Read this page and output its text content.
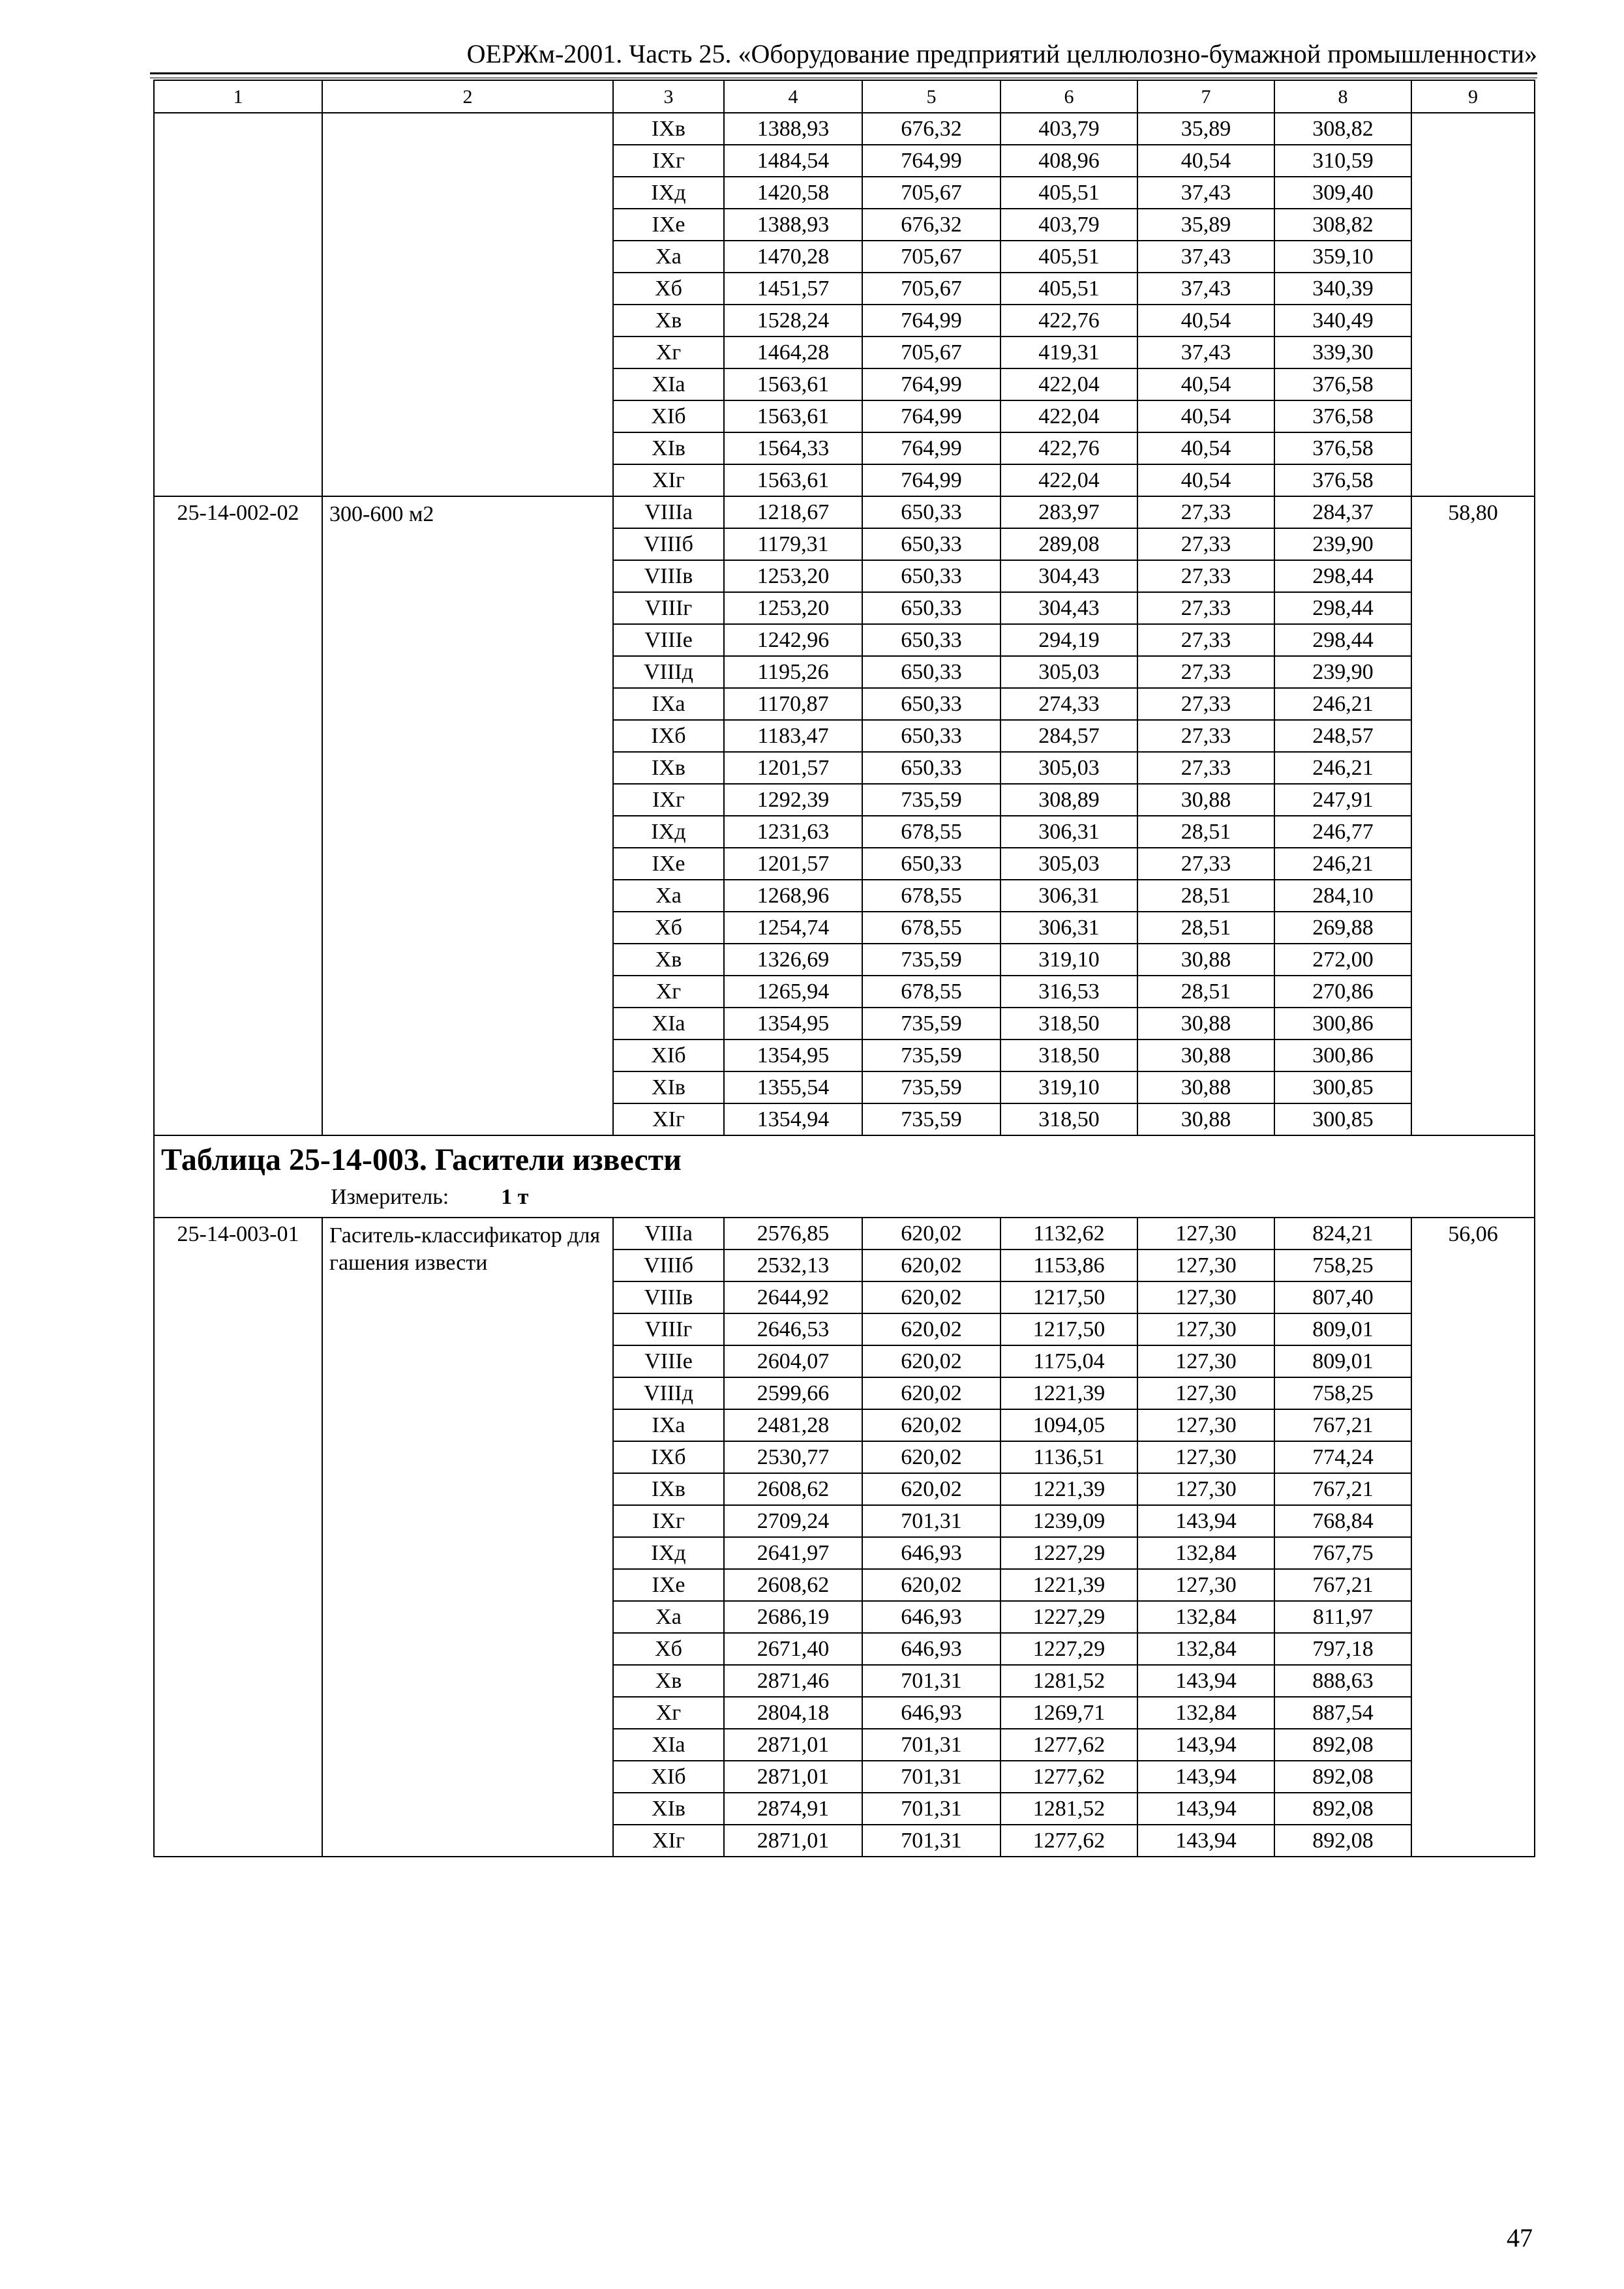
ОЕРЖм-2001. Часть 25. «Оборудование предприятий целлюлозно-бумажной промышленности»
1	2	3	4	5	6	7	8	9
		IXв	1388,93	676,32	403,79	35,89	308,82	
		IXг	1484,54	764,99	408,96	40,54	310,59	
		IXд	1420,58	705,67	405,51	37,43	309,40	
		IXе	1388,93	676,32	403,79	35,89	308,82	
		Xа	1470,28	705,67	405,51	37,43	359,10	
		Xб	1451,57	705,67	405,51	37,43	340,39	
		Xв	1528,24	764,99	422,76	40,54	340,49	
		Xг	1464,28	705,67	419,31	37,43	339,30	
		XIа	1563,61	764,99	422,04	40,54	376,58	
		XIб	1563,61	764,99	422,04	40,54	376,58	
		XIв	1564,33	764,99	422,76	40,54	376,58	
		XIг	1563,61	764,99	422,04	40,54	376,58	
25-14-002-02	300-600 м2	VIIIа	1218,67	650,33	283,97	27,33	284,37	58,80
		VIIIб	1179,31	650,33	289,08	27,33	239,90	
		VIIIв	1253,20	650,33	304,43	27,33	298,44	
		VIIIг	1253,20	650,33	304,43	27,33	298,44	
		VIIIе	1242,96	650,33	294,19	27,33	298,44	
		VIIIд	1195,26	650,33	305,03	27,33	239,90	
		IXа	1170,87	650,33	274,33	27,33	246,21	
		IXб	1183,47	650,33	284,57	27,33	248,57	
		IXв	1201,57	650,33	305,03	27,33	246,21	
		IXг	1292,39	735,59	308,89	30,88	247,91	
		IXд	1231,63	678,55	306,31	28,51	246,77	
		IXе	1201,57	650,33	305,03	27,33	246,21	
		Xа	1268,96	678,55	306,31	28,51	284,10	
		Xб	1254,74	678,55	306,31	28,51	269,88	
		Xв	1326,69	735,59	319,10	30,88	272,00	
		Xг	1265,94	678,55	316,53	28,51	270,86	
		XIа	1354,95	735,59	318,50	30,88	300,86	
		XIб	1354,95	735,59	318,50	30,88	300,86	
		XIв	1355,54	735,59	319,10	30,88	300,85	
		XIг	1354,94	735,59	318,50	30,88	300,85	

Таблица 25-14-003. Гасители извести
Измеритель: 1 т								

25-14-003-01	Гаситель-классификатор для гашения извести	VIIIа	2576,85	620,02	1132,62	127,30	824,21	56,06
		VIIIб	2532,13	620,02	1153,86	127,30	758,25	
		VIIIв	2644,92	620,02	1217,50	127,30	807,40	
		VIIIг	2646,53	620,02	1217,50	127,30	809,01	
		VIIIе	2604,07	620,02	1175,04	127,30	809,01	
		VIIIд	2599,66	620,02	1221,39	127,30	758,25	
		IXа	2481,28	620,02	1094,05	127,30	767,21	
		IXб	2530,77	620,02	1136,51	127,30	774,24	
		IXв	2608,62	620,02	1221,39	127,30	767,21	
		IXг	2709,24	701,31	1239,09	143,94	768,84	
		IXд	2641,97	646,93	1227,29	132,84	767,75	
		IXе	2608,62	620,02	1221,39	127,30	767,21	
		Xа	2686,19	646,93	1227,29	132,84	811,97	
		Xб	2671,40	646,93	1227,29	132,84	797,18	
		Xв	2871,46	701,31	1281,52	143,94	888,63	
		Xг	2804,18	646,93	1269,71	132,84	887,54	
		XIа	2871,01	701,31	1277,62	143,94	892,08	
		XIб	2871,01	701,31	1277,62	143,94	892,08	
		XIв	2874,91	701,31	1281,52	143,94	892,08	
		XIг	2871,01	701,31	1277,62	143,94	892,08	
47
